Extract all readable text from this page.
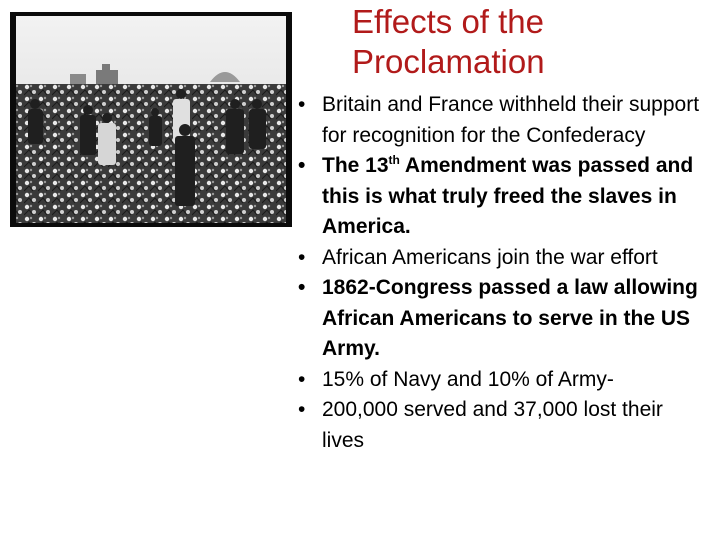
Effects of the Proclamation
• Britain and France withheld their support for recognition for the Confederacy
• The 13th Amendment was passed and this is what truly freed the slaves in America.
• African Americans join the war effort
• 1862-Congress passed a law allowing African Americans to serve in the US Army.
• 15% of Navy and 10% of Army-
• 200,000 served and 37,000 lost their lives
